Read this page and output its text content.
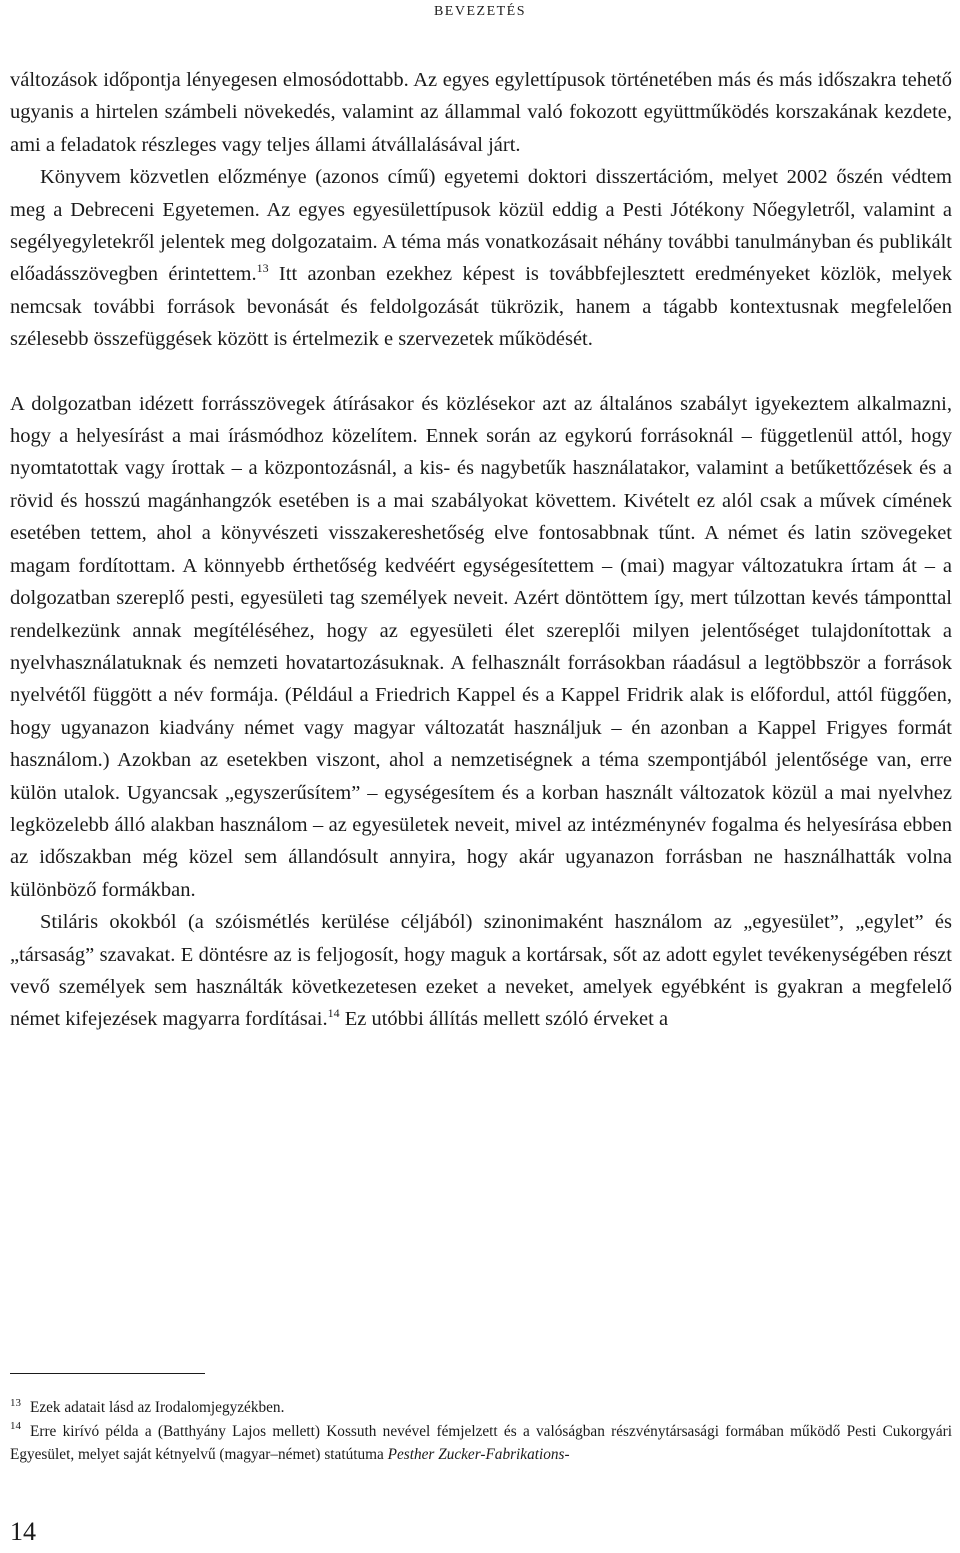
BEVEZETÉS

változások időpontja lényegesen elmosódottabb. Az egyes egylettípusok történetében más és más időszakra tehető ugyanis a hirtelen számbeli növekedés, valamint az állammal való fokozott együttműködés korszakának kezdete, ami a feladatok részleges vagy teljes állami átvállalásával járt.

Könyvem közvetlen előzménye (azonos című) egyetemi doktori disszertációm, melyet 2002 őszén védtem meg a Debreceni Egyetemen. Az egyes egyesülettípusok közül eddig a Pesti Jótékony Nőegyletről, valamint a segélyegyletekről jelentek meg dolgozataim. A téma más vonatkozásait néhány további tanulmányban és publikált előadásszövegben érintettem.$^{13}$ Itt azonban ezekhez képest is továbbfejlesztett eredményeket közlök, melyek nemcsak további források bevonását és feldolgozását tükrözik, hanem a tágabb kontextusnak megfelelően szélesebb összefüggések között is értelmezik e szervezetek működését.

A dolgozatban idézett forrásszövegek átírásakor és közlésekor azt az általános szabályt igyekeztem alkalmazni, hogy a helyesírást a mai írásmódhoz közelítem. Ennek során az egykorú forrásoknál – függetlenül attól, hogy nyomtatottak vagy írottak – a központozásnál, a kis- és nagybetűk használatakor, valamint a betűkettőzések és a rövid és hosszú magánhangzók esetében is a mai szabályokat követtem. Kivételt ez alól csak a művek címének esetében tettem, ahol a könyvészeti visszakereshetőség elve fontosabbnak tűnt. A német és latin szövegeket magam fordítottam. A könnyebb érthetőség kedvéért egységesítettem – (mai) magyar változatukra írtam át – a dolgozatban szereplő pesti, egyesületi tag személyek neveit. Azért döntöttem így, mert túlzottan kevés támponttal rendelkezünk annak megítéléséhez, hogy az egyesületi élet szereplői milyen jelentőséget tulajdonítottak a nyelvhasználatuknak és nemzeti hovatartozásuknak. A felhasznált forrásokban ráadásul a legtöbbször a források nyelvétől függött a név formája. (Például a Friedrich Kappel és a Kappel Fridrik alak is előfordul, attól függően, hogy ugyanazon kiadvány német vagy magyar változatát használjuk – én azonban a Kappel Frigyes formát használom.) Azokban az esetekben viszont, ahol a nemzetiségnek a téma szempontjából jelentősége van, erre külön utalok. Ugyancsak „egyszerűsítem” – egységesítem és a korban használt változatok közül a mai nyelvhez legközelebb álló alakban használom – az egyesületek neveit, mivel az intézménynév fogalma és helyesírása ebben az időszakban még közel sem állandósult annyira, hogy akár ugyanazon forrásban ne használhatták volna különböző formákban.

Stiláris okokból (a szóismétlés kerülése céljából) szinonimaként használom az „egyesület”, „egylet” és „társaság” szavakat. E döntésre az is feljogosít, hogy maguk a kortársak, sőt az adott egylet tevékenységében részt vevő személyek sem használták következetesen ezeket a neveket, amelyek egyébként is gyakran a megfelelő német kifejezések magyarra fordításai.$^{14}$ Ez utóbbi állítás mellett szóló érveket a

13 Ezek adatait lásd az Irodalomjegyzékben.

14 Erre kirívó példa a (Batthyány Lajos mellett) Kossuth nevével fémjelzett és a valóságban részvénytársasági formában működő Pesti Cukorgyári Egyesület, melyet saját kétnyelvű (magyar–német) statútuma Pesther Zucker-Fabrikations-

14
